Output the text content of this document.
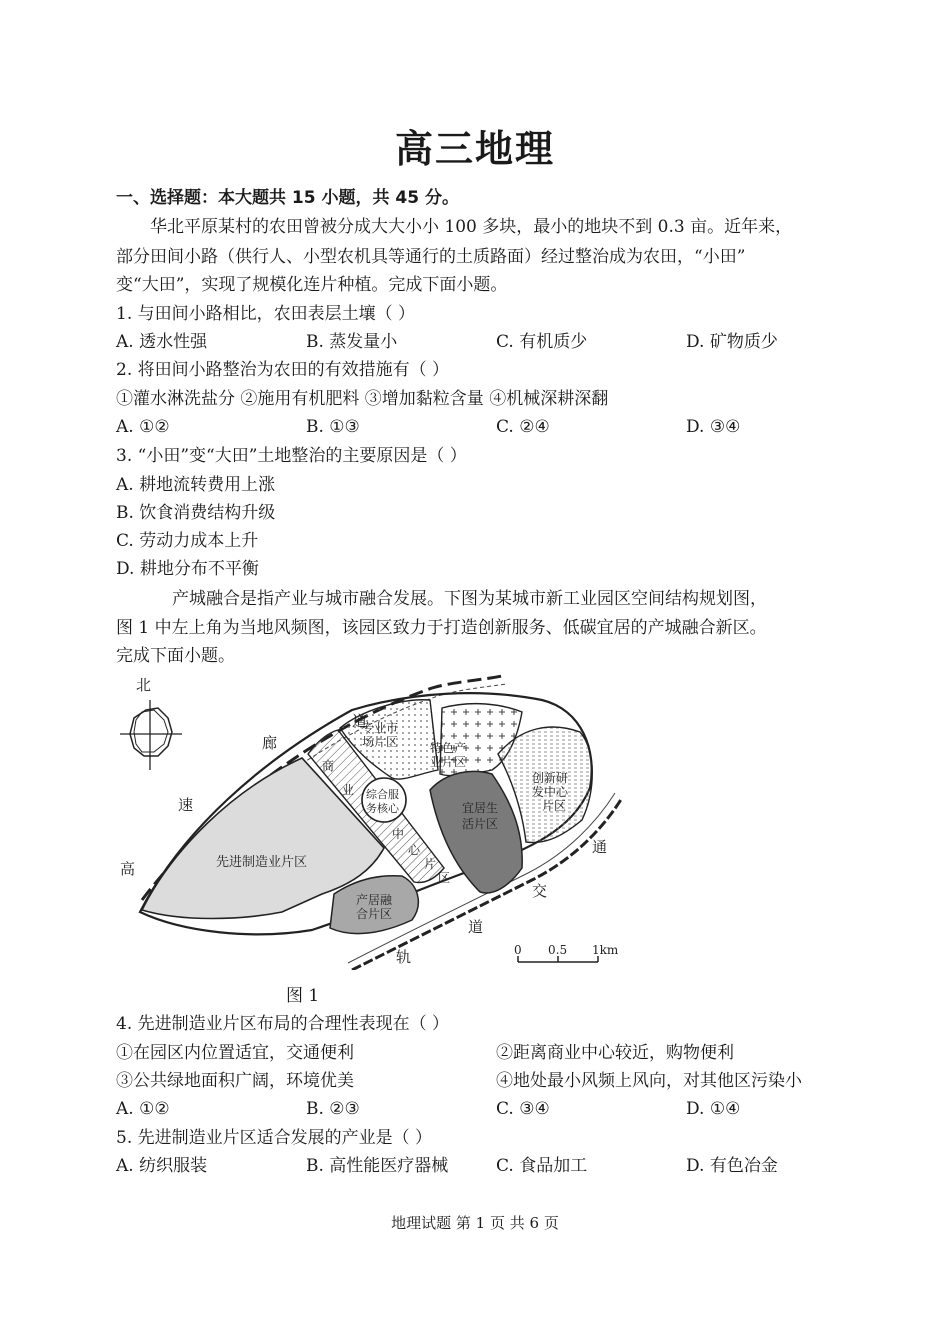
高三地理
一、选择题：本大题共 15 小题，共 45 分。
华北平原某村的农田曾被分成大大小小 100 多块，最小的地块不到 0.3 亩。近年来，
部分田间小路（供行人、小型农机具等通行的土质路面）经过整治成为农田，“小田”
变“大田”，实现了规模化连片种植。完成下面小题。
1. 与田间小路相比，农田表层土壤（ ）
A. 透水性强	B. 蒸发量小	C. 有机质少	D. 矿物质少
2. 将田间小路整治为农田的有效措施有（ ）
①灌水淋洗盐分 ②施用有机肥料 ③增加黏粒含量 ④机械深耕深翻
A. ①②	B. ①③	C. ②④	D. ③④
3. “小田”变“大田”土地整治的主要原因是（ ）
A. 耕地流转费用上涨
B. 饮食消费结构升级
C. 劳动力成本上升
D. 耕地分布不平衡
产城融合是指产业与城市融合发展。下图为某城市新工业园区空间结构规划图，
图 1 中左上角为当地风频图，该园区致力于打造创新服务、低碳宜居的产城融合新区。
完成下面小题。
北
道
廊
速
高
通
交
道
轨
专业市
场片区	特色产
业片区
创新研
发中心
片区
商
业
中
心
片
区
综合服
务核心	宜居生
活片区
先进制造业片区
产居融
合片区
0 0.5 1km
图 1
4. 先进制造业片区布局的合理性表现在（ ）
①在园区内位置适宜，交通便利	②距离商业中心较近，购物便利
③公共绿地面积广阔，环境优美	④地处最小风频上风向，对其他区污染小
A. ①②	B. ②③	C. ③④	D. ①④
5. 先进制造业片区适合发展的产业是（ ）
A. 纺织服装	B. 高性能医疗器械	C. 食品加工	D. 有色冶金
地理试题 第 1 页 共 6 页
